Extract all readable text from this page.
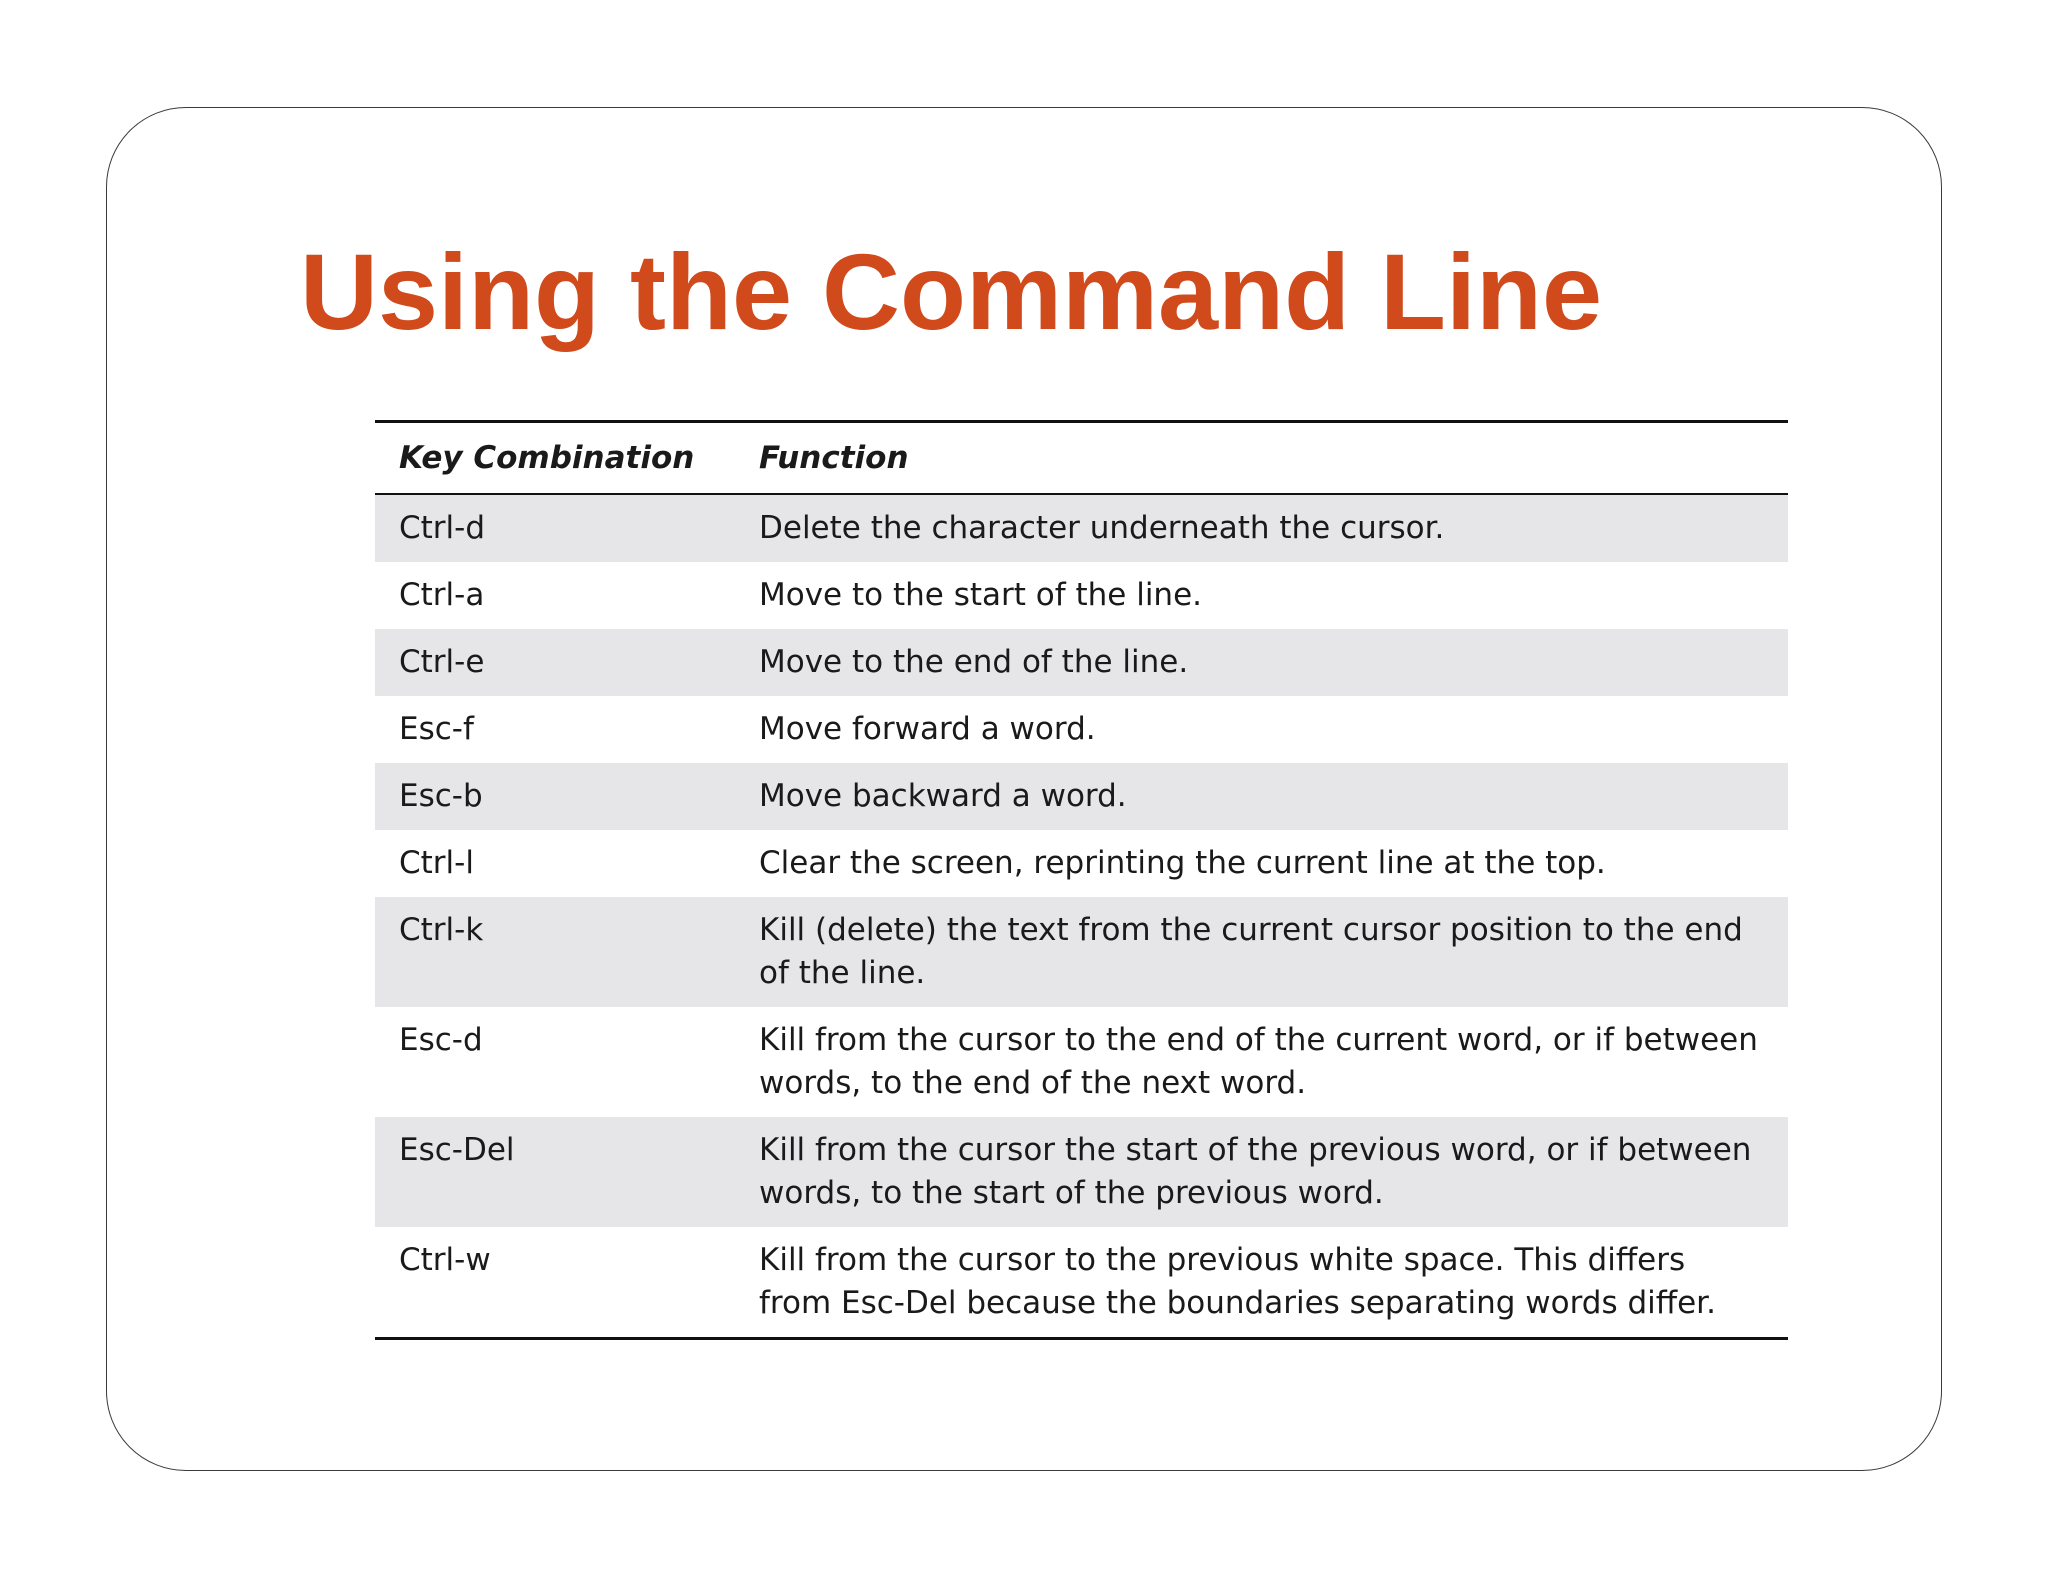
Using the Command Line
Key Combination	Function
Ctrl-d	Delete the character underneath the cursor.
Ctrl-a	Move to the start of the line.
Ctrl-e	Move to the end of the line.
Esc-f	Move forward a word.
Esc-b	Move backward a word.
Ctrl-l	Clear the screen, reprinting the current line at the top.
Ctrl-k	Kill (delete) the text from the current cursor position to the end of the line.
Esc-d	Kill from the cursor to the end of the current word, or if between words, to the end of the next word.
Esc-Del	Kill from the cursor the start of the previous word, or if between words, to the start of the previous word.
Ctrl-w	Kill from the cursor to the previous white space. This differs from Esc-Del because the boundaries separating words differ.
